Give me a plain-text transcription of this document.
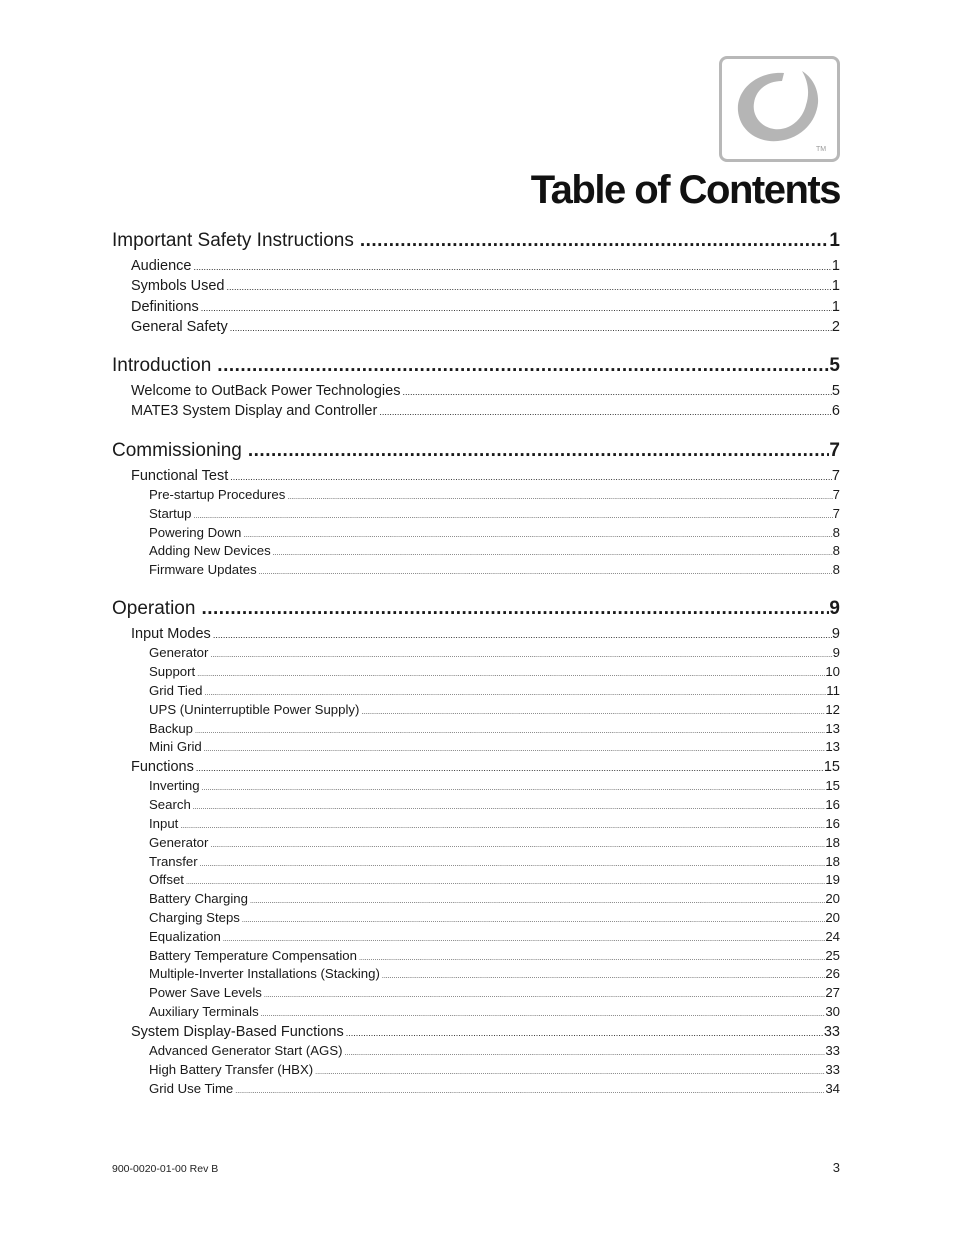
TM
Table of Contents
Important Safety Instructions .....	1
Audience .....	1
Symbols Used .....	1
Definitions .....	1
General Safety .....	2
Introduction .....	5
Welcome to OutBack Power Technologies .....	5
MATE3 System Display and Controller .....	6
Commissioning .....	7
Functional Test .....	7
Pre-startup Procedures .....	7
Startup .....	7
Powering Down .....	8
Adding New Devices .....	8
Firmware Updates .....	8
Operation .....	9
Input Modes .....	9
Generator .....	9
Support .....	10
Grid Tied .....	11
UPS (Uninterruptible Power Supply) .....	12
Backup .....	13
Mini Grid .....	13
Functions .....	15
Inverting .....	15
Search .....	16
Input .....	16
Generator .....	18
Transfer .....	18
Offset .....	19
Battery Charging .....	20
Charging Steps .....	20
Equalization .....	24
Battery Temperature Compensation .....	25
Multiple-Inverter Installations (Stacking) .....	26
Power Save Levels .....	27
Auxiliary Terminals .....	30
System Display-Based Functions .....	33
Advanced Generator Start (AGS) .....	33
High Battery Transfer (HBX) .....	33
Grid Use Time .....	34
900-0020-01-00 Rev B	3
